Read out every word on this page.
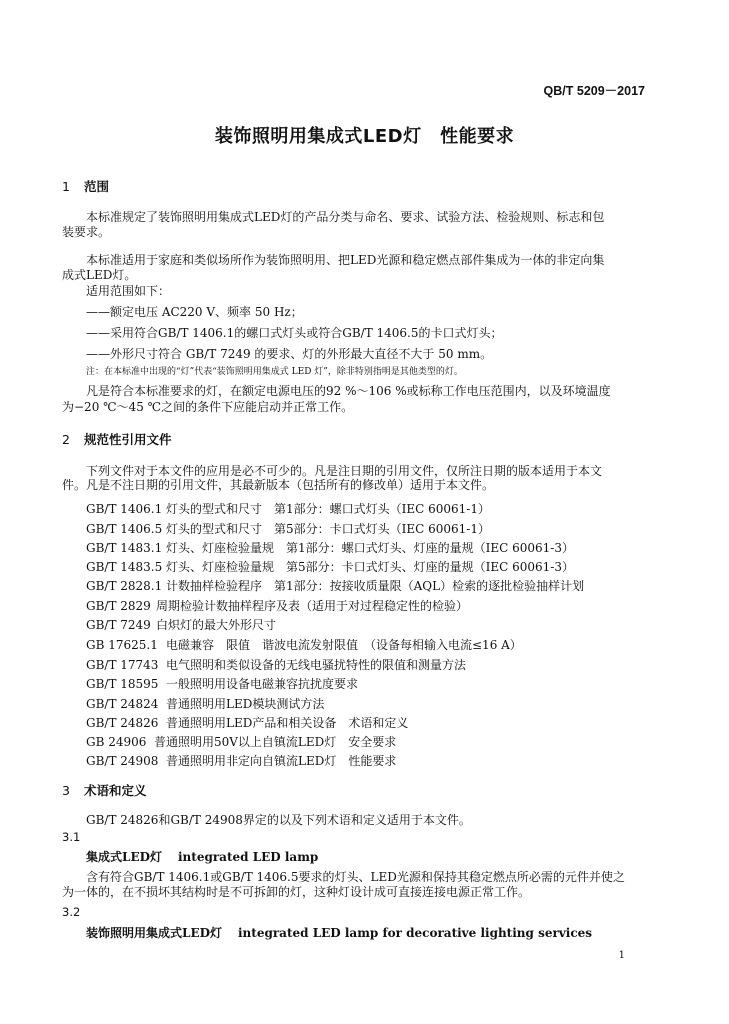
QB/T 5209－2017
装饰照明用集成式LED灯　性能要求
1 范围
本标准规定了装饰照明用集成式LED灯的产品分类与命名、要求、试验方法、检验规则、标志和包
装要求。
本标准适用于家庭和类似场所作为装饰照明用、把LED光源和稳定燃点部件集成为一体的非定向集
成式LED灯。
适用范围如下：
——额定电压 AC220 V、频率 50 Hz；
——采用符合GB/T 1406.1的螺口式灯头或符合GB/T 1406.5的卡口式灯头；
——外形尺寸符合 GB/T 7249 的要求、灯的外形最大直径不大于 50 mm。
注：在本标准中出现的“灯”代表“装饰照明用集成式 LED 灯”，除非特别指明是其他类型的灯。
凡是符合本标准要求的灯，在额定电源电压的92 %～106 %或标称工作电压范围内，以及环境温度
为−20 ℃～45 ℃之间的条件下应能启动并正常工作。
2 规范性引用文件
下列文件对于本文件的应用是必不可少的。凡是注日期的引用文件，仅所注日期的版本适用于本文
件。凡是不注日期的引用文件，其最新版本（包括所有的修改单）适用于本文件。
GB/T 1406.1 灯头的型式和尺寸　第1部分：螺口式灯头（IEC 60061-1）
GB/T 1406.5 灯头的型式和尺寸　第5部分：卡口式灯头（IEC 60061-1）
GB/T 1483.1 灯头、灯座检验量规　第1部分：螺口式灯头、灯座的量规（IEC 60061-3）
GB/T 1483.5 灯头、灯座检验量规　第5部分：卡口式灯头、灯座的量规（IEC 60061-3）
GB/T 2828.1 计数抽样检验程序　第1部分：按接收质量限（AQL）检索的逐批检验抽样计划
GB/T 2829 周期检验计数抽样程序及表（适用于对过程稳定性的检验）
GB/T 7249 白炽灯的最大外形尺寸
GB 17625.1 电磁兼容　限值　谐波电流发射限值　（设备每相输入电流≤16 A）
GB/T 17743 电气照明和类似设备的无线电骚扰特性的限值和测量方法
GB/T 18595 一般照明用设备电磁兼容抗扰度要求
GB/T 24824 普通照明用LED模块测试方法
GB/T 24826 普通照明用LED产品和相关设备　术语和定义
GB 24906 普通照明用50V以上自镇流LED灯　安全要求
GB/T 24908 普通照明用非定向自镇流LED灯　性能要求
3 术语和定义
GB/T 24826和GB/T 24908界定的以及下列术语和定义适用于本文件。
3.1
集成式LED灯 integrated LED lamp
含有符合GB/T 1406.1或GB/T 1406.5要求的灯头、LED光源和保持其稳定燃点所必需的元件并使之
为一体的，在不损坏其结构时是不可拆卸的灯，这种灯设计成可直接连接电源正常工作。
3.2
装饰照明用集成式LED灯 integrated LED lamp for decorative lighting services
1
